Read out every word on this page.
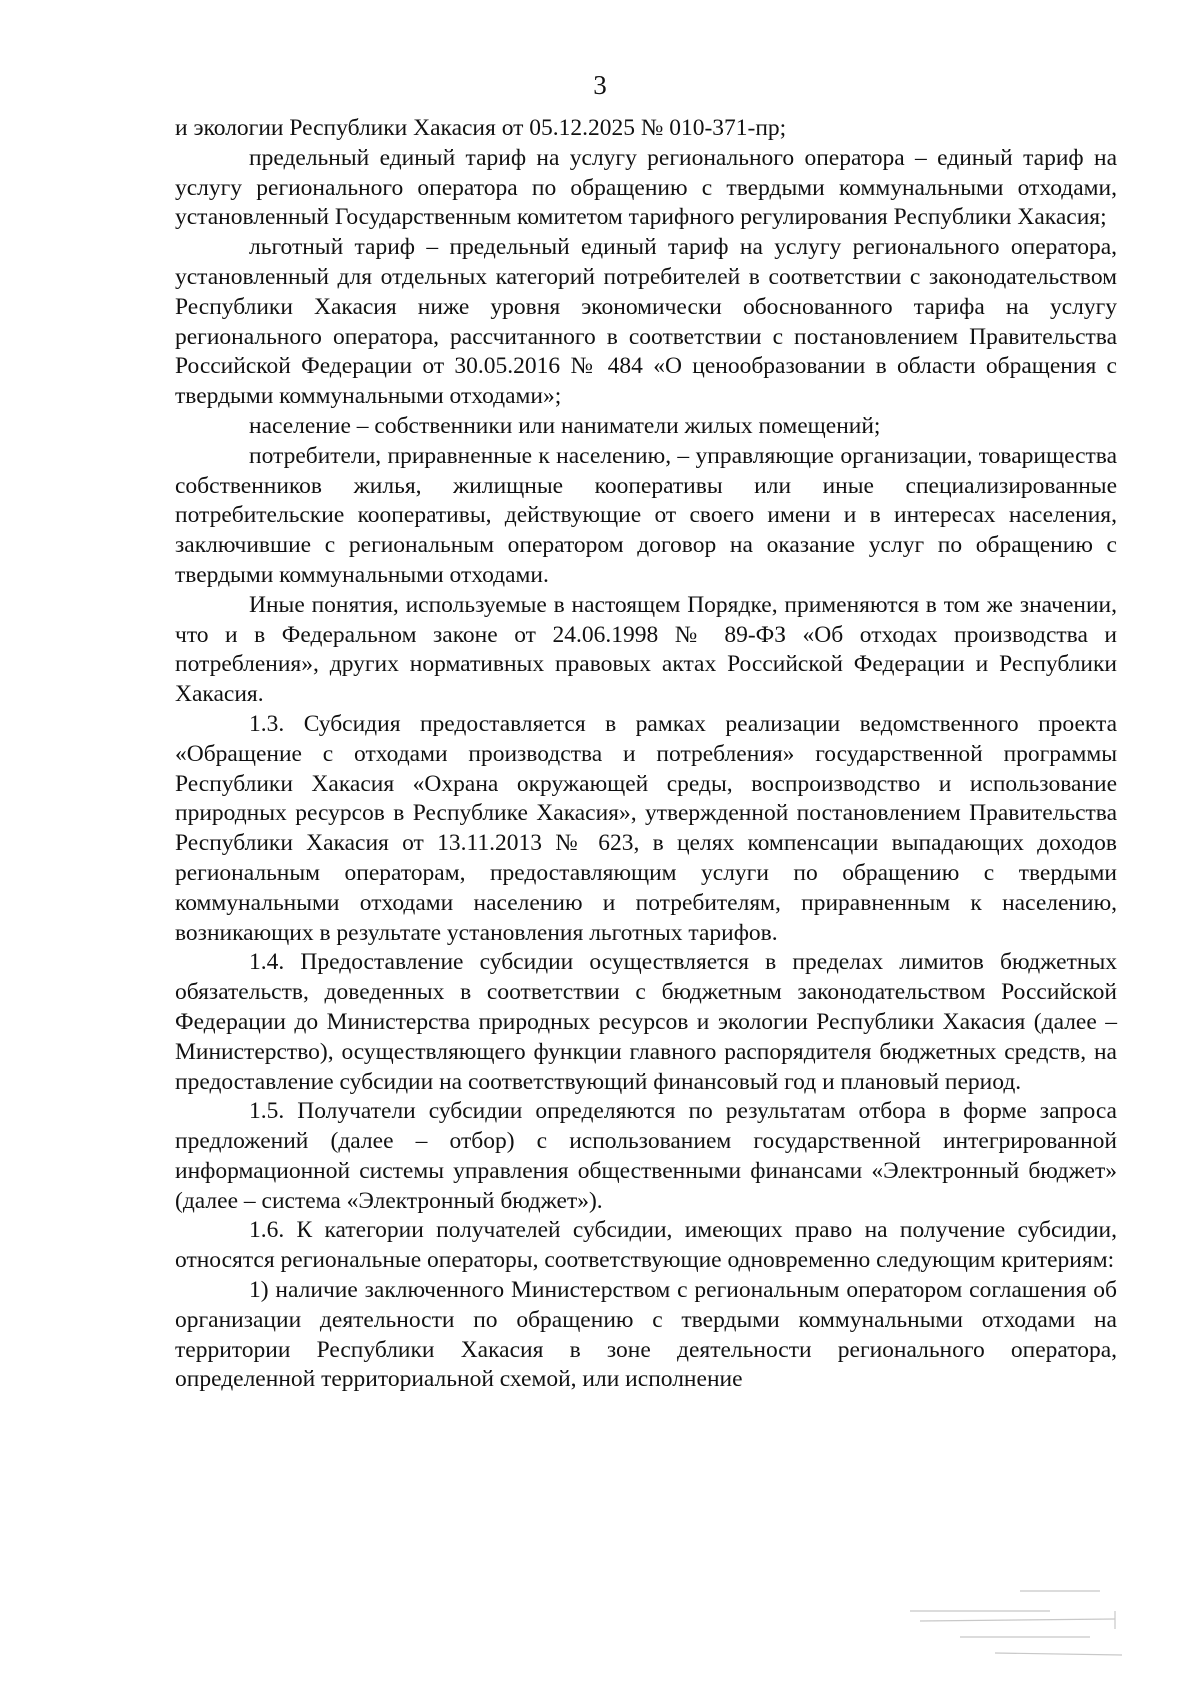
3

и экологии Республики Хакасия от 05.12.2025 № 010-371-пр;

предельный единый тариф на услугу регионального оператора – единый тариф на услугу регионального оператора по обращению с твердыми коммунальными отходами, установленный Государственным комитетом тарифного регулирования Республики Хакасия;

льготный тариф – предельный единый тариф на услугу регионального оператора, установленный для отдельных категорий потребителей в соответствии с законодательством Республики Хакасия ниже уровня экономически обоснованного тарифа на услугу регионального оператора, рассчитанного в соответствии с постановлением Правительства Российской Федерации от 30.05.2016 № 484 «О ценообразовании в области обращения с твердыми коммунальными отходами»;

население – собственники или наниматели жилых помещений;

потребители, приравненные к населению, – управляющие организации, товарищества собственников жилья, жилищные кооперативы или иные специализированные потребительские кооперативы, действующие от своего имени и в интересах населения, заключившие с региональным оператором договор на оказание услуг по обращению с твердыми коммунальными отходами.

Иные понятия, используемые в настоящем Порядке, применяются в том же значении, что и в Федеральном законе от 24.06.1998 № 89-ФЗ «Об отходах производства и потребления», других нормативных правовых актах Российской Федерации и Республики Хакасия.

1.3. Субсидия предоставляется в рамках реализации ведомственного проекта «Обращение с отходами производства и потребления» государственной программы Республики Хакасия «Охрана окружающей среды, воспроизводство и использование природных ресурсов в Республике Хакасия», утвержденной постановлением Правительства Республики Хакасия от 13.11.2013 № 623, в целях компенсации выпадающих доходов региональным операторам, предоставляющим услуги по обращению с твердыми коммунальными отходами населению и потребителям, приравненным к населению, возникающих в результате установления льготных тарифов.

1.4. Предоставление субсидии осуществляется в пределах лимитов бюджетных обязательств, доведенных в соответствии с бюджетным законодательством Российской Федерации до Министерства природных ресурсов и экологии Республики Хакасия (далее – Министерство), осуществляющего функции главного распорядителя бюджетных средств, на предоставление субсидии на соответствующий финансовый год и плановый период.

1.5. Получатели субсидии определяются по результатам отбора в форме запроса предложений (далее – отбор) с использованием государственной интегрированной информационной системы управления общественными финансами «Электронный бюджет» (далее – система «Электронный бюджет»).

1.6. К категории получателей субсидии, имеющих право на получение субсидии, относятся региональные операторы, соответствующие одновременно следующим критериям:

1) наличие заключенного Министерством с региональным оператором соглашения об организации деятельности по обращению с твердыми коммунальными отходами на территории Республики Хакасия в зоне деятельности регионального оператора, определенной территориальной схемой, или исполнение
